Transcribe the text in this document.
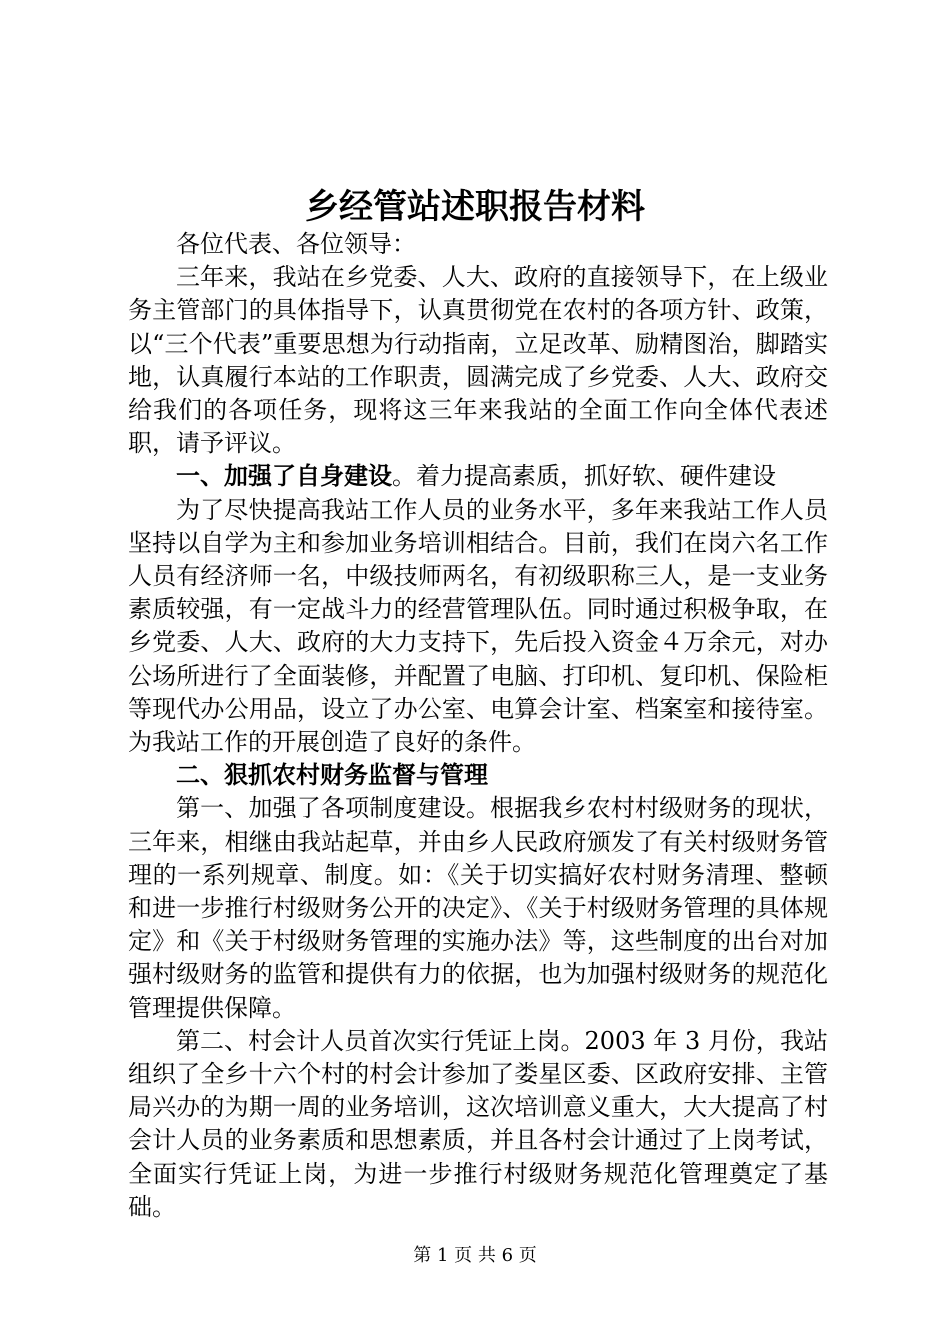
乡经管站述职报告材料

各位代表、各位领导：

三年来，我站在乡党委、人大、政府的直接领导下，在上级业务主管部门的具体指导下，认真贯彻党在农村的各项方针、政策，以“三个代表”重要思想为行动指南，立足改革、励精图治，脚踏实地，认真履行本站的工作职责，圆满完成了乡党委、人大、政府交给我们的各项任务，现将这三年来我站的全面工作向全体代表述职，请予评议。

一、加强了自身建设。着力提高素质，抓好软、硬件建设

为了尽快提高我站工作人员的业务水平，多年来我站工作人员坚持以自学为主和参加业务培训相结合。目前，我们在岗六名工作人员有经济师一名，中级技师两名，有初级职称三人，是一支业务素质较强，有一定战斗力的经营管理队伍。同时通过积极争取，在乡党委、人大、政府的大力支持下，先后投入资金４万余元，对办公场所进行了全面装修，并配置了电脑、打印机、复印机、保险柜等现代办公用品，设立了办公室、电算会计室、档案室和接待室。为我站工作的开展创造了良好的条件。

二、狠抓农村财务监督与管理

第一、加强了各项制度建设。根据我乡农村村级财务的现状，三年来，相继由我站起草，并由乡人民政府颁发了有关村级财务管理的一系列规章、制度。如：《关于切实搞好农村财务清理、整顿和进一步推行村级财务公开的决定》、《关于村级财务管理的具体规定》和《关于村级财务管理的实施办法》等，这些制度的出台对加强村级财务的监管和提供有力的依据，也为加强村级财务的规范化管理提供保障。

第二、村会计人员首次实行凭证上岗。2003 年 3 月份，我站组织了全乡十六个村的村会计参加了娄星区委、区政府安排、主管局兴办的为期一周的业务培训，这次培训意义重大，大大提高了村会计人员的业务素质和思想素质，并且各村会计通过了上岗考试，全面实行凭证上岗，为进一步推行村级财务规范化管理奠定了基础。

第 1 页 共 6 页
